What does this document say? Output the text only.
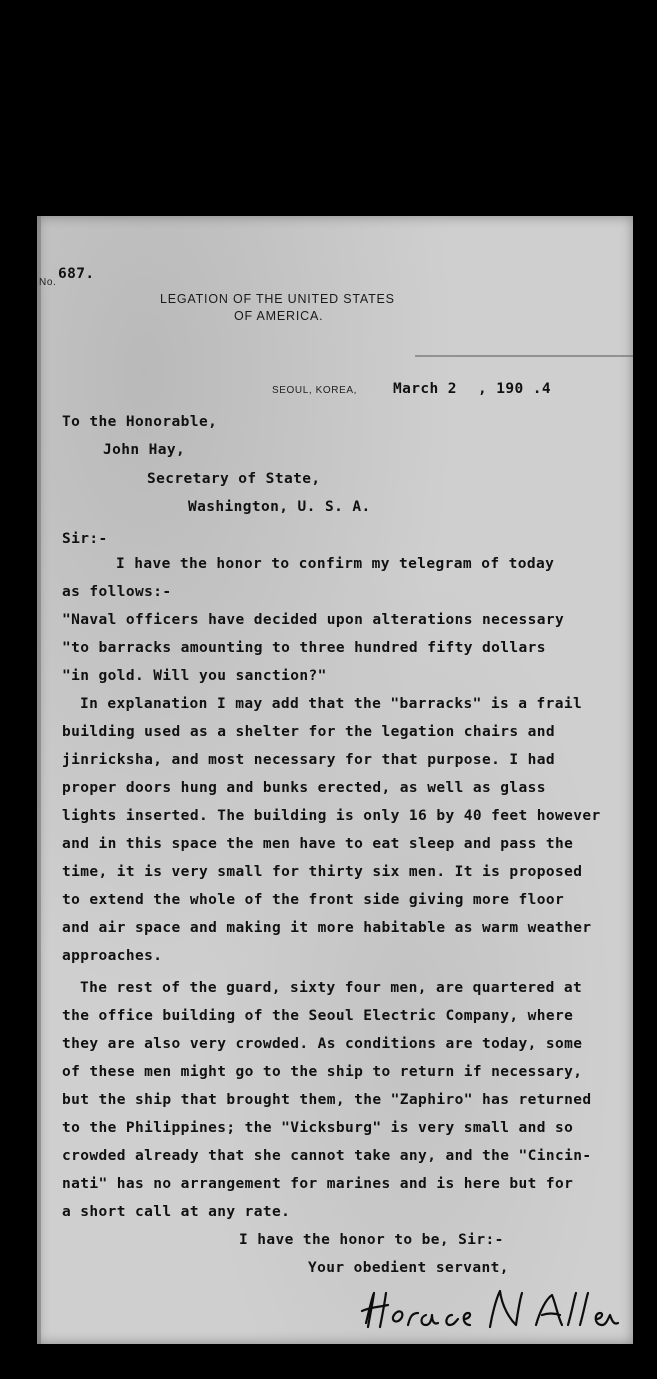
No.
687.
LEGATION OF THE UNITED STATES
OF AMERICA.
SEOUL, KOREA, March 2 , 190 .4
To the Honorable,
John Hay,
Secretary of State,
Washington, U. S. A.
Sir:-
I have the honor to confirm my telegram of today
as follows:-
"Naval officers have decided upon alterations necessary
"to barracks amounting to three hundred fifty dollars
"in gold. Will you sanction?"
In explanation I may add that the "barracks" is a frail
building used as a shelter for the legation chairs and
jinricksha, and most necessary for that purpose. I had
proper doors hung and bunks erected, as well as glass
lights inserted. The building is only 16 by 40 feet however
and in this space the men have to eat sleep and pass the
time, it is very small for thirty six men. It is proposed
to extend the whole of the front side giving more floor
and air space and making it more habitable as warm weather
approaches.
The rest of the guard, sixty four men, are quartered at
the office building of the Seoul Electric Company, where
they are also very crowded. As conditions are today, some
of these men might go to the ship to return if necessary,
but the ship that brought them, the "Zaphiro" has returned
to the Philippines; the "Vicksburg" is very small and so
crowded already that she cannot take any, and the "Cincin-
nati" has no arrangement for marines and is here but for
a short call at any rate.
I have the honor to be, Sir:-
Your obedient servant,
